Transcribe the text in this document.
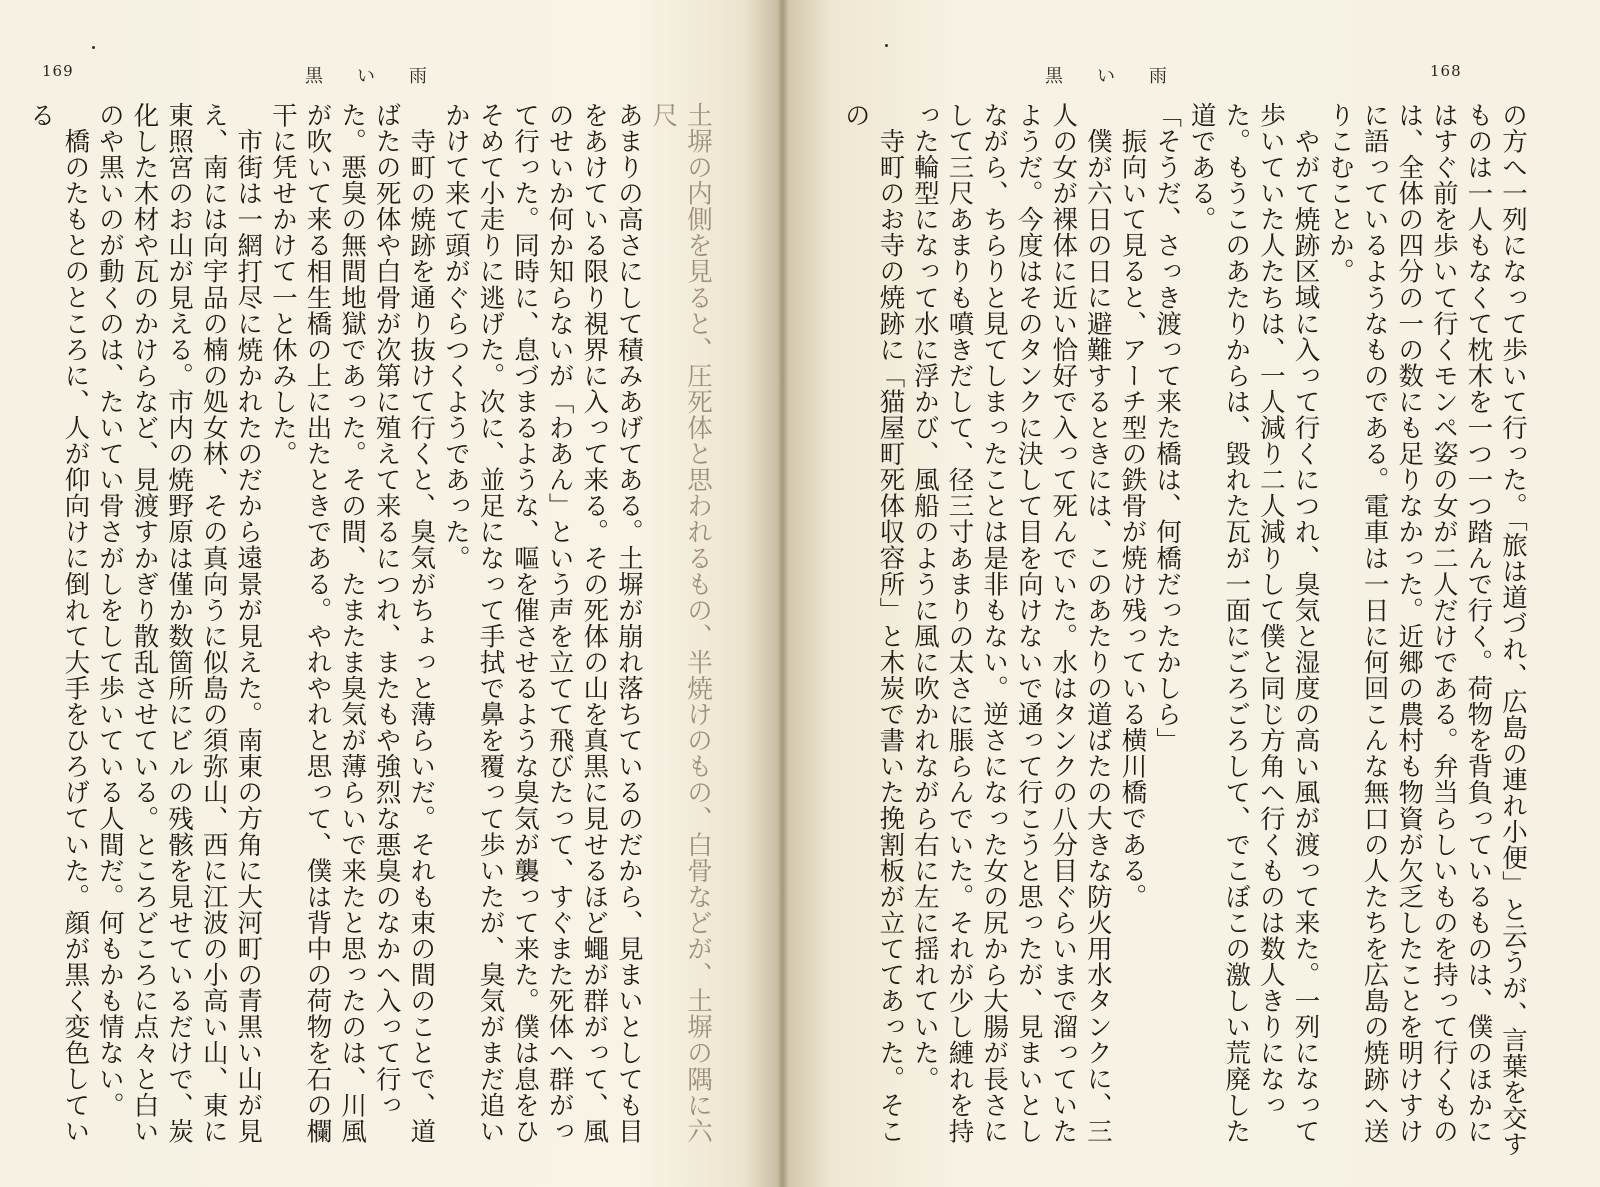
169	黒い雨

土塀の内側を見ると、圧死体と思われるもの、半焼けのもの、白骨などが、土塀の隅に六尺

あまりの高さにして積みあげてある。土塀が崩れ落ちているのだから、見まいとしても目をあけている限り視界に入って来る。その死体の山を真黒に見せるほど蠅が群がって、風のせいか何か知らないが「わあん」という声を立てて飛びたって、すぐまた死体へ群がって行った。同時に、息づまるような、嘔を催させるような臭気が襲って来た。僕は息をひそめて小走りに逃げた。次に、並足になって手拭で鼻を覆って歩いたが、臭気がまだ追いかけて来て頭がぐらつくようであった。

寺町の焼跡を通り抜けて行くと、臭気がちょっと薄らいだ。それも束の間のことで、道ばたの死体や白骨が次第に殖えて来るにつれ、またもや強烈な悪臭のなかへ入って行った。悪臭の無間地獄であった。その間、たまたま臭気が薄らいで来たと思ったのは、川風が吹いて来る相生橋の上に出たときである。やれやれと思って、僕は背中の荷物を石の欄干に凭せかけて一と休みした。

市街は一網打尽に焼かれたのだから遠景が見えた。南東の方角に大河町の青黒い山が見え、南には向宇品の楠の処女林、その真向うに似島の須弥山、西に江波の小高い山、東に東照宮のお山が見える。市内の焼野原は僅か数箇所にビルの残骸を見せているだけで、炭化した木材や瓦のかけらなど、見渡すかぎり散乱させている。ところどころに点々と白いのや黒いのが動くのは、たいてい骨さがしをして歩いている人間だ。何もかも情ない。

橋のたもとのところに、人が仰向けに倒れて大手をひろげていた。顔が黒く変色している

168
黒い雨

の方へ一列になって歩いて行った。「旅は道づれ、広島の連れ小便」と云うが、言葉を交すものは一人もなくて枕木を一つ一つ踏んで行く。荷物を背負っているものは、僕のほかにはすぐ前を歩いて行くモンペ姿の女が二人だけである。弁当らしいものを持って行くものは、全体の四分の一の数にも足りなかった。近郷の農村も物資が欠乏したことを明けすけに語っているようなものである。電車は一日に何回こんな無口の人たちを広島の焼跡へ送りこむことか。

やがて焼跡区域に入って行くにつれ、臭気と湿度の高い風が渡って来た。一列になって歩いていた人たちは、一人減り二人減りして僕と同じ方角へ行くものは数人きりになった。もうこのあたりからは、毀れた瓦が一面にごろごろして、でこぼこの激しい荒廃した道である。

「そうだ、さっき渡って来た橋は、何橋だったかしら」

振向いて見ると、アーチ型の鉄骨が焼け残っている横川橋である。

僕が六日の日に避難するときには、このあたりの道ばたの大きな防火用水タンクに、三人の女が裸体に近い恰好で入って死んでいた。水はタンクの八分目ぐらいまで溜っていたようだ。今度はそのタンクに決して目を向けないで通って行こうと思ったが、見まいとしながら、ちらりと見てしまったことは是非もない。逆さになった女の尻から大腸が長さにして三尺あまりも噴きだして、径三寸あまりの太さに脹らんでいた。それが少し縺れを持った輪型になって水に浮かび、風船のように風に吹かれながら右に左に揺れていた。

寺町のお寺の焼跡に「猫屋町死体収容所」と木炭で書いた挽割板が立ててあった。そこの
